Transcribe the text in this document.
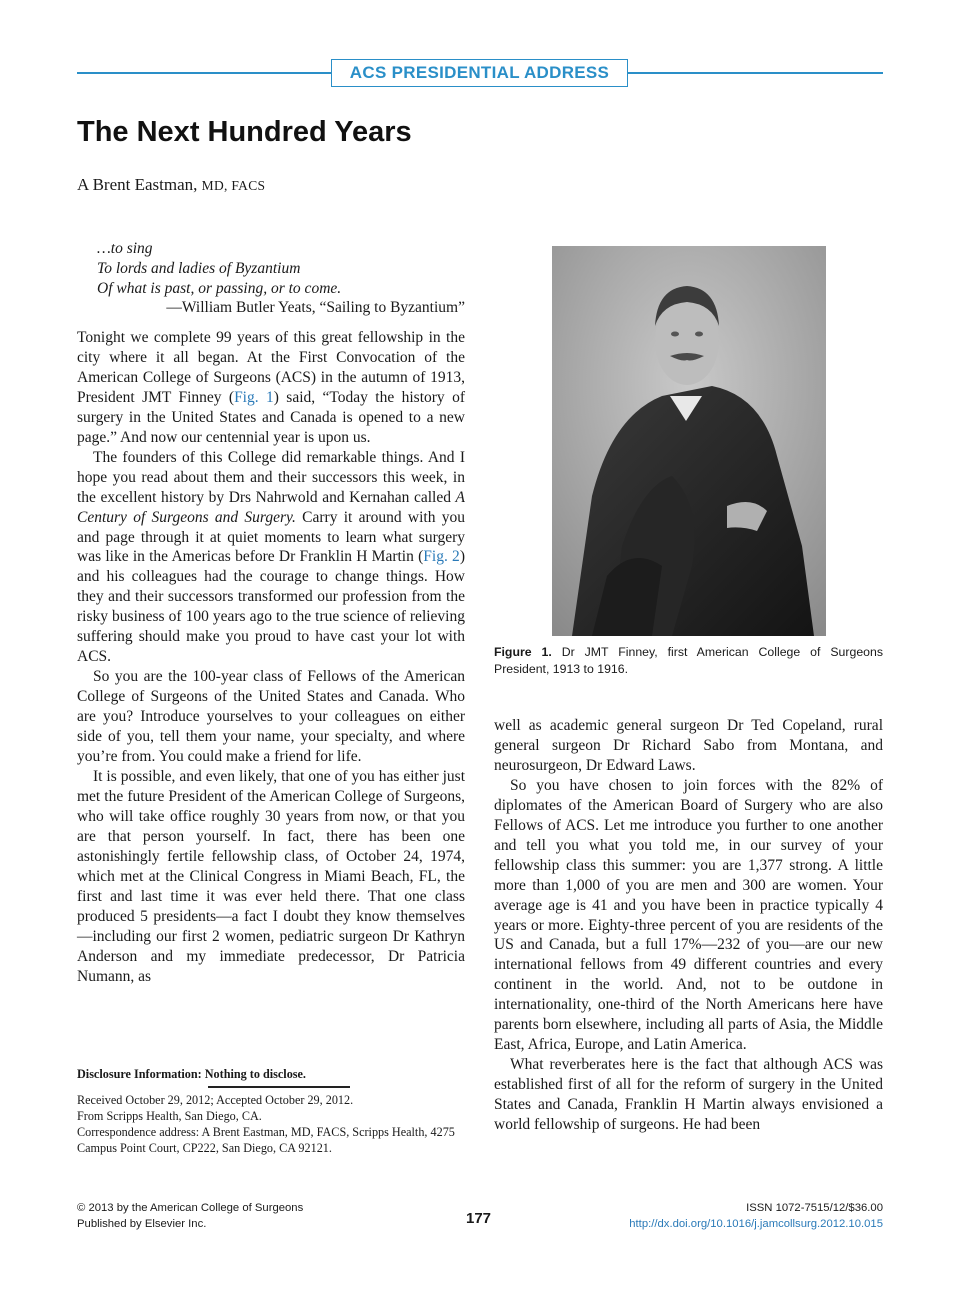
ACS PRESIDENTIAL ADDRESS
The Next Hundred Years
A Brent Eastman, MD, FACS
…to sing
To lords and ladies of Byzantium
Of what is past, or passing, or to come.
—William Butler Yeats, “Sailing to Byzantium”

Tonight we complete 99 years of this great fellowship in the city where it all began. At the First Convocation of the American College of Surgeons (ACS) in the autumn of 1913, President JMT Finney (Fig. 1) said, “Today the history of surgery in the United States and Canada is opened to a new page.” And now our centennial year is upon us.

The founders of this College did remarkable things. And I hope you read about them and their successors this week, in the excellent history by Drs Nahrwold and Kernahan called A Century of Surgeons and Surgery. Carry it around with you and page through it at quiet moments to learn what surgery was like in the Americas before Dr Franklin H Martin (Fig. 2) and his colleagues had the courage to change things. How they and their successors transformed our profession from the risky business of 100 years ago to the true science of relieving suffering should make you proud to have cast your lot with ACS.

So you are the 100-year class of Fellows of the American College of Surgeons of the United States and Canada. Who are you? Introduce yourselves to your colleagues on either side of you, tell them your name, your specialty, and where you’re from. You could make a friend for life.

It is possible, and even likely, that one of you has either just met the future President of the American College of Surgeons, who will take office roughly 30 years from now, or that you are that person yourself. In fact, there has been one astonishingly fertile fellowship class, of October 24, 1974, which met at the Clinical Congress in Miami Beach, FL, the first and last time it was ever held there. That one class produced 5 presidents—a fact I doubt they know themselves—including our first 2 women, pediatric surgeon Dr Kathryn Anderson and my immediate predecessor, Dr Patricia Numann, as

Figure 1. Dr JMT Finney, first American College of Surgeons President, 1913 to 1916.

well as academic general surgeon Dr Ted Copeland, rural general surgeon Dr Richard Sabo from Montana, and neurosurgeon, Dr Edward Laws.

So you have chosen to join forces with the 82% of diplomates of the American Board of Surgery who are also Fellows of ACS. Let me introduce you further to one another and tell you what you told me, in our survey of your fellowship class this summer: you are 1,377 strong. A little more than 1,000 of you are men and 300 are women. Your average age is 41 and you have been in practice typically 4 years or more. Eighty-three percent of you are residents of the US and Canada, but a full 17%—232 of you—are our new international fellows from 49 different countries and every continent in the world. And, not to be outdone in internationality, one-third of the North Americans here have parents born elsewhere, including all parts of Asia, the Middle East, Africa, Europe, and Latin America.

What reverberates here is the fact that although ACS was established first of all for the reform of surgery in the United States and Canada, Franklin H Martin always envisioned a world fellowship of surgeons. He had been

Disclosure Information: Nothing to disclose.
Received October 29, 2012; Accepted October 29, 2012.
From Scripps Health, San Diego, CA.
Correspondence address: A Brent Eastman, MD, FACS, Scripps Health, 4275 Campus Point Court, CP222, San Diego, CA 92121.
© 2013 by the American College of Surgeons
Published by Elsevier Inc.	177
ISSN 1072-7515/12/$36.00
http://dx.doi.org/10.1016/j.jamcollsurg.2012.10.015
